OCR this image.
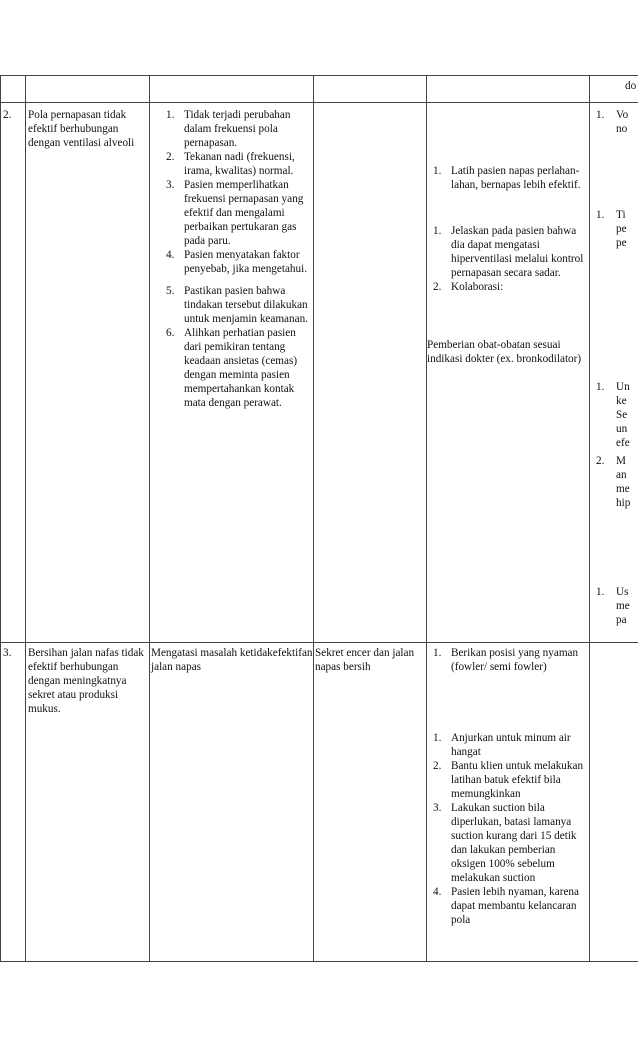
do
2.	Pola pernapasan tidak efektif berhubungan dengan ventilasi alveoli
1. Tidak terjadi perubahan dalam frekuensi pola pernapasan.
2. Tekanan nadi (frekuensi, irama, kwalitas) normal.
3. Pasien memperlihatkan frekuensi pernapasan yang efektif dan mengalami perbaikan pertukaran gas pada paru.
4. Pasien menyatakan faktor penyebab, jika mengetahui.
5. Pastikan pasien bahwa tindakan tersebut dilakukan untuk menjamin keamanan.
6. Alihkan perhatian pasien dari pemikiran tentang keadaan ansietas (cemas) dengan meminta pasien mempertahankan kontak mata dengan perawat.
1. Latih pasien napas perlahan-lahan, bernapas lebih efektif.
1. Jelaskan pada pasien bahwa dia dapat mengatasi hiperventilasi melalui kontrol pernapasan secara sadar.
2. Kolaborasi:
Pemberian obat-obatan sesuai indikasi dokter (ex. bronkodilator)
1. Vo
no
1. Ti
pe
pe
1. Un
ke
Se
un
efe
2. M
an
me
hip
1. Us
me
pa
3.	Bersihan jalan nafas tidak efektif berhubungan dengan meningkatnya sekret atau produksi mukus.
Mengatasi masalah ketidakefektifan jalan napas
Sekret encer dan jalan napas bersih
1. Berikan posisi yang nyaman (fowler/ semi fowler)
1. Anjurkan untuk minum air hangat
2. Bantu klien untuk melakukan latihan batuk efektif bila memungkinkan
3. Lakukan suction bila diperlukan, batasi lamanya suction kurang dari 15 detik dan lakukan pemberian oksigen 100% sebelum melakukan suction
4. Pasien lebih nyaman, karena dapat membantu kelancaran pola
